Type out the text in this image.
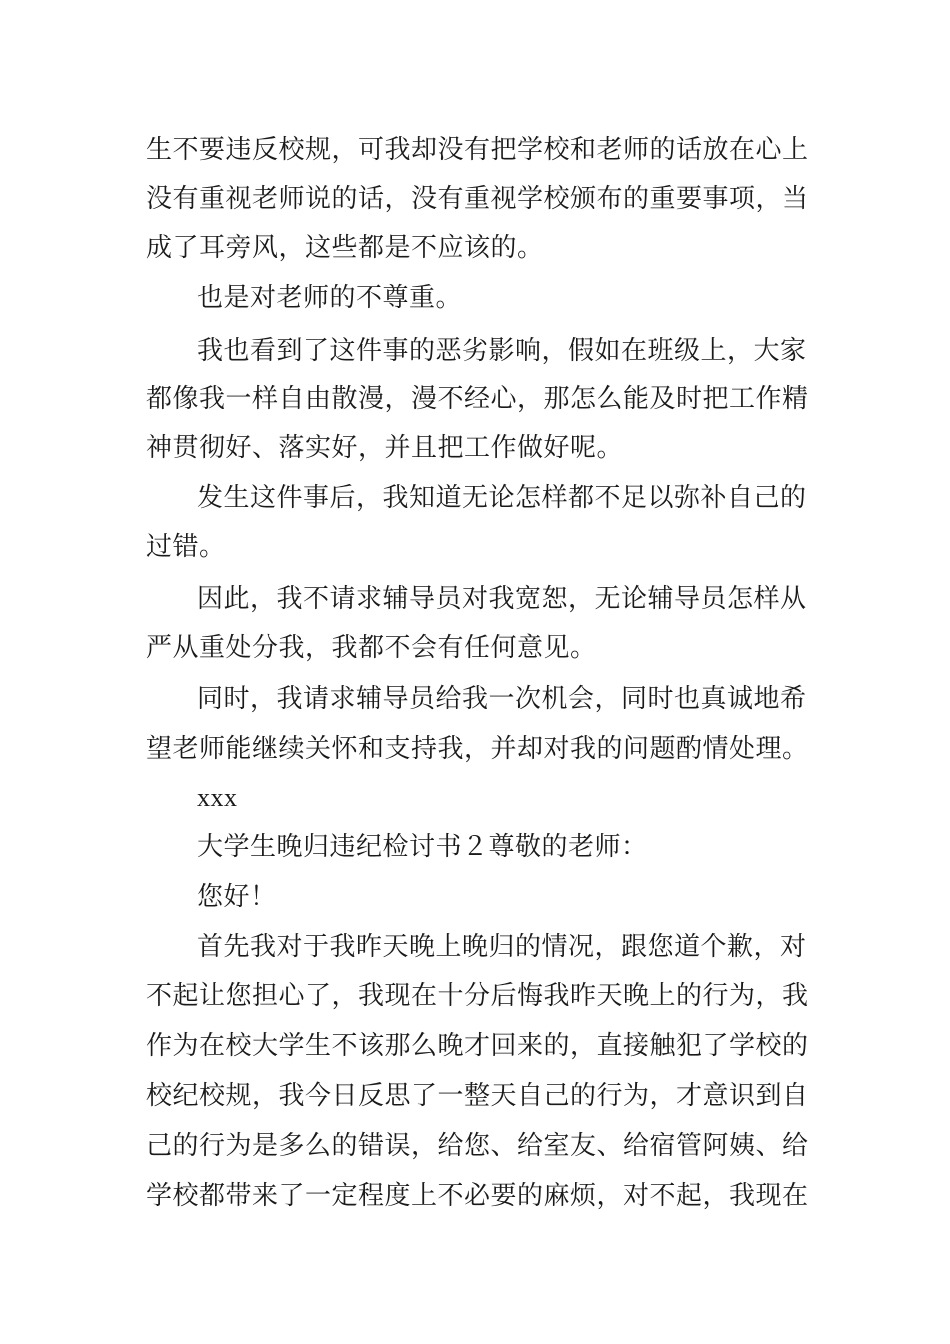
生不要违反校规，可我却没有把学校和老师的话放在心上
没有重视老师说的话，没有重视学校颁布的重要事项，当
成了耳旁风，这些都是不应该的。
也是对老师的不尊重。
我也看到了这件事的恶劣影响，假如在班级上，大家
都像我一样自由散漫，漫不经心，那怎么能及时把工作精
神贯彻好、落实好，并且把工作做好呢。
发生这件事后，我知道无论怎样都不足以弥补自己的
过错。
因此，我不请求辅导员对我宽恕，无论辅导员怎样从
严从重处分我，我都不会有任何意见。
同时，我请求辅导员给我一次机会，同时也真诚地希
望老师能继续关怀和支持我，并却对我的问题酌情处理。
xxx
大学生晚归违纪检讨书２尊敬的老师：
您好！
首先我对于我昨天晚上晚归的情况，跟您道个歉，对
不起让您担心了，我现在十分后悔我昨天晚上的行为，我
作为在校大学生不该那么晚才回来的，直接触犯了学校的
校纪校规，我今日反思了一整天自己的行为，才意识到自
己的行为是多么的错误，给您、给室友、给宿管阿姨、给
学校都带来了一定程度上不必要的麻烦，对不起，我现在
